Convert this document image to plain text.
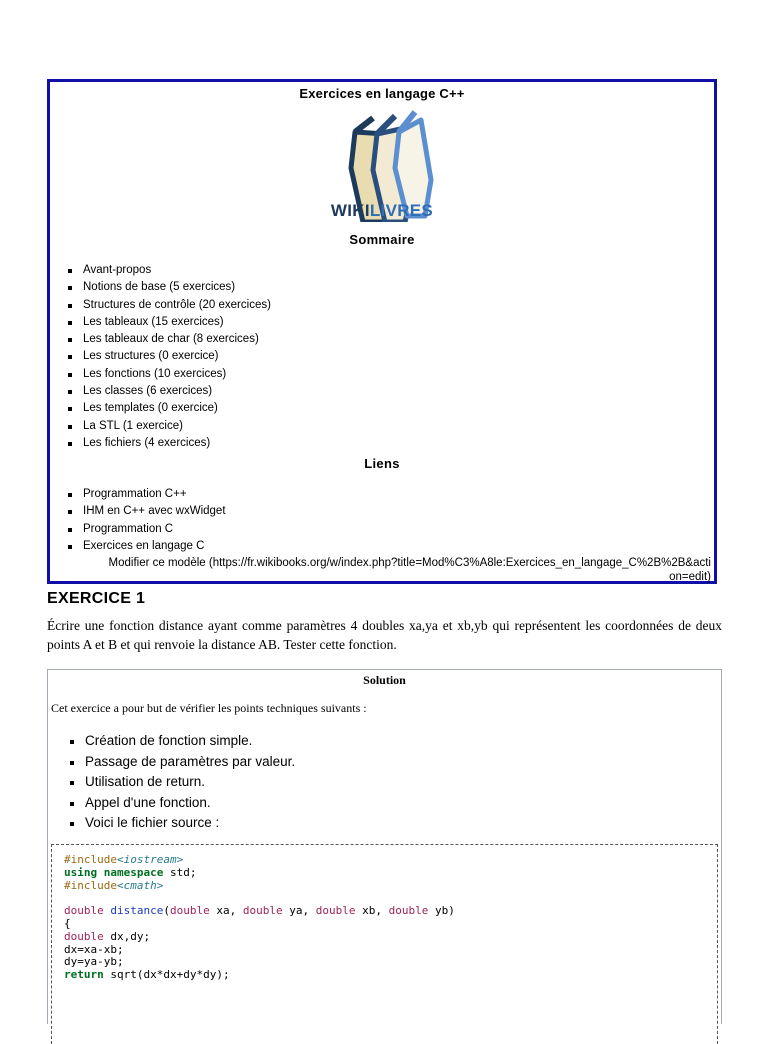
Exercices en langage C++
WIKILIVRES
Sommaire
Avant-propos
Notions de base (5 exercices)
Structures de contrôle (20 exercices)
Les tableaux (15 exercices)
Les tableaux de char (8 exercices)
Les structures (0 exercice)
Les fonctions (10 exercices)
Les classes (6 exercices)
Les templates (0 exercice)
La STL (1 exercice)
Les fichiers (4 exercices)
Liens
Programmation C++
IHM en C++ avec wxWidget
Programmation C
Exercices en langage C
Modifier ce modèle (https://fr.wikibooks.org/w/index.php?title=Mod%C3%A8le:Exercices_en_langage_C%2B%2B&acti
on=edit)
EXERCICE 1
Écrire une fonction distance ayant comme paramètres 4 doubles xa,ya et xb,yb qui représentent les coordonnées de deux points A et B et qui renvoie la distance AB. Tester cette fonction.
Solution
Cet exercice a pour but de vérifier les points techniques suivants :
Création de fonction simple.
Passage de paramètres par valeur.
Utilisation de return.
Appel d'une fonction.
Voici le fichier source :
#include<iostream>
using namespace std;
#include<cmath>

double distance(double xa, double ya, double xb, double yb)
{
double dx,dy;
dx=xa-xb;
dy=ya-yb;
return sqrt(dx*dx+dy*dy);
